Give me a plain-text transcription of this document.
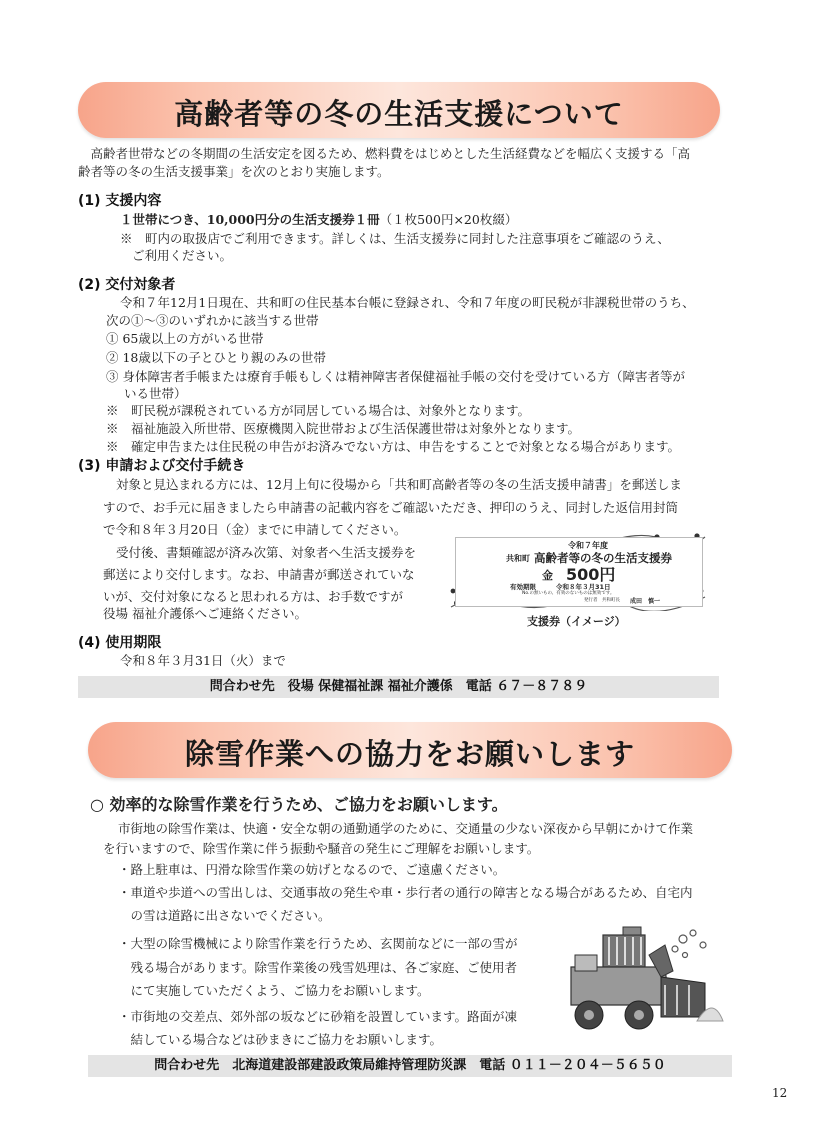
高齢者等の冬の生活支援について
　高齢者世帯などの冬期間の生活安定を図るため、燃料費をはじめとした生活経費などを幅広く支援する「高
齢者等の冬の生活支援事業」を次のとおり実施します。
(1) 支援内容
１世帯につき、10,000円分の生活支援券１冊（１枚500円×20枚綴）
※　町内の取扱店でご利用できます。詳しくは、生活支援券に同封した注意事項をご確認のうえ、
ご利用ください。
(2) 交付対象者
令和７年12月1日現在、共和町の住民基本台帳に登録され、令和７年度の町民税が非課税世帯のうち、
次の①～③のいずれかに該当する世帯
① 65歳以上の方がいる世帯
② 18歳以下の子とひとり親のみの世帯
③ 身体障害者手帳または療育手帳もしくは精神障害者保健福祉手帳の交付を受けている方（障害者等が
いる世帯）
※　町民税が課税されている方が同居している場合は、対象外となります。
※　福祉施設入所世帯、医療機関入院世帯および生活保護世帯は対象外となります。
※　確定申告または住民税の申告がお済みでない方は、申告をすることで対象となる場合があります。
(3) 申請および交付手続き
対象と見込まれる方には、12月上旬に役場から「共和町高齢者等の冬の生活支援申請書」を郵送しま
すので、お手元に届きましたら申請書の記載内容をご確認いただき、押印のうえ、同封した返信用封筒
で令和８年３月20日（金）までに申請してください。
受付後、書類確認が済み次第、対象者へ生活支援券を
郵送により交付します。なお、申請書が郵送されていな
いが、交付対象になると思われる方は、お手数ですが
役場 福祉介護係へご連絡ください。
令和７年度
共和町 高齢者等の冬の生活支援券
金 500円
有効期限	令和８年３月31日
No.の無いもの、有効のないものは無効です。
発行者　共和町長 成田　慎一
支援券（イメージ）
(4) 使用期限
令和８年３月31日（火）まで
問合わせ先　役場 保健福祉課 福祉介護係　電話 ６７－８７８９
除雪作業への協力をお願いします
○ 効率的な除雪作業を行うため、ご協力をお願いします。
市街地の除雪作業は、快適・安全な朝の通勤通学のために、交通量の少ない深夜から早朝にかけて作業
を行いますので、除雪作業に伴う振動や騒音の発生にご理解をお願いします。
・路上駐車は、円滑な除雪作業の妨げとなるので、ご遠慮ください。
・車道や歩道への雪出しは、交通事故の発生や車・歩行者の通行の障害となる場合があるため、自宅内
　の雪は道路に出さないでください。
・大型の除雪機械により除雪作業を行うため、玄関前などに一部の雪が
　残る場合があります。除雪作業後の残雪処理は、各ご家庭、ご使用者
　にて実施していただくよう、ご協力をお願いします。
・市街地の交差点、郊外部の坂などに砂箱を設置しています。路面が凍
　結している場合などは砂まきにご協力をお願いします。
問合わせ先　北海道建設部建設政策局維持管理防災課　電話 ０１１－２０４－５６５０
12
